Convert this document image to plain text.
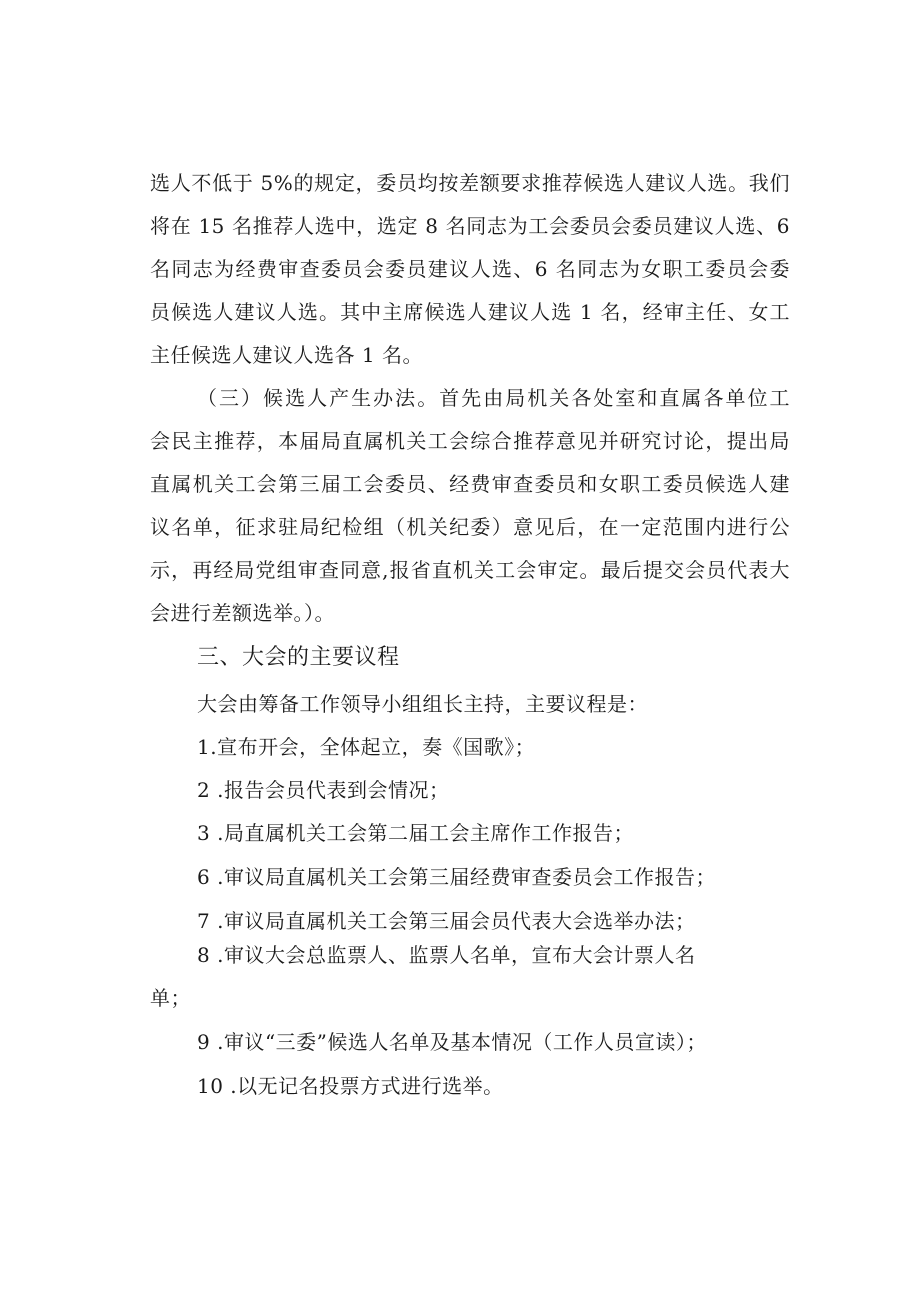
选人不低于 5%的规定，委员均按差额要求推荐候选人建议人选。我们
将在 15 名推荐人选中，选定 8 名同志为工会委员会委员建议人选、6
名同志为经费审查委员会委员建议人选、6 名同志为女职工委员会委
员候选人建议人选。其中主席候选人建议人选 1 名，经审主任、女工
主任候选人建议人选各 1 名。
（三）候选人产生办法。首先由局机关各处室和直属各单位工
会民主推荐，本届局直属机关工会综合推荐意见并研究讨论，提出局
直属机关工会第三届工会委员、经费审查委员和女职工委员候选人建
议名单，征求驻局纪检组（机关纪委）意见后，在一定范围内进行公
示，再经局党组审查同意,报省直机关工会审定。最后提交会员代表大
会进行差额选举。）。
三、大会的主要议程
大会由筹备工作领导小组组长主持，主要议程是：
1.宣布开会，全体起立，奏《国歌》；
2 .报告会员代表到会情况；
3 .局直属机关工会第二届工会主席作工作报告；
6 .审议局直属机关工会第三届经费审查委员会工作报告；
7 .审议局直属机关工会第三届会员代表大会选举办法；
8 .审议大会总监票人、监票人名单，宣布大会计票人名
单；
9 .审议“三委”候选人名单及基本情况（工作人员宣读）；
10 .以无记名投票方式进行选举。
